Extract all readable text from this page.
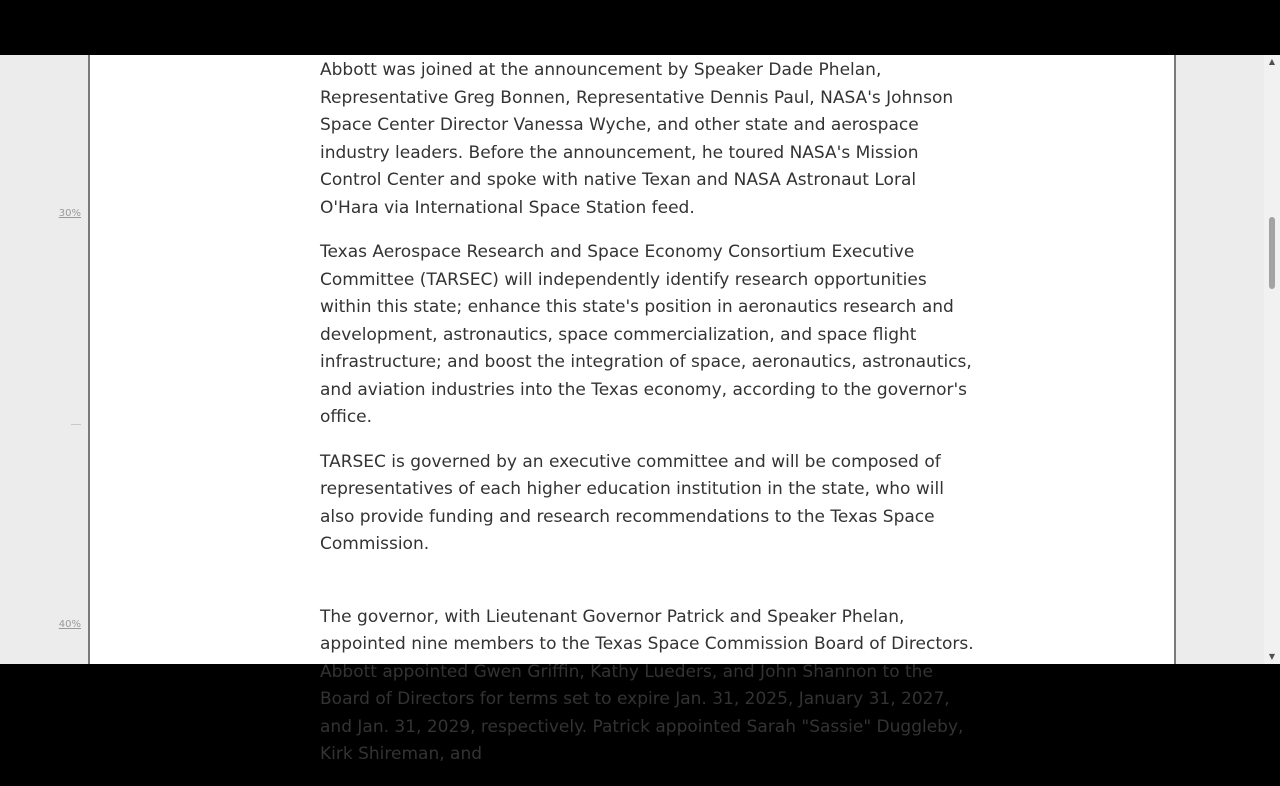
30%
40%

Abbott was joined at the announcement by Speaker Dade Phelan, Representative Greg Bonnen, Representative Dennis Paul, NASA's Johnson Space Center Director Vanessa Wyche, and other state and aerospace industry leaders. Before the announcement, he toured NASA's Mission Control Center and spoke with native Texan and NASA Astronaut Loral O'Hara via International Space Station feed.

Texas Aerospace Research and Space Economy Consortium Executive Committee (TARSEC) will independently identify research opportunities within this state; enhance this state's position in aeronautics research and development, astronautics, space commercialization, and space flight infrastructure; and boost the integration of space, aeronautics, astronautics, and aviation industries into the Texas economy, according to the governor's office.

TARSEC is governed by an executive committee and will be composed of representatives of each higher education institution in the state, who will also provide funding and research recommendations to the Texas Space Commission.

The governor, with Lieutenant Governor Patrick and Speaker Phelan, appointed nine members to the Texas Space Commission Board of Directors. Abbott appointed Gwen Griffin, Kathy Lueders, and John Shannon to the Board of Directors for terms set to expire Jan. 31, 2025, January 31, 2027, and Jan. 31, 2029, respectively. Patrick appointed Sarah "Sassie" Duggleby, Kirk Shireman, and

▲
▼
